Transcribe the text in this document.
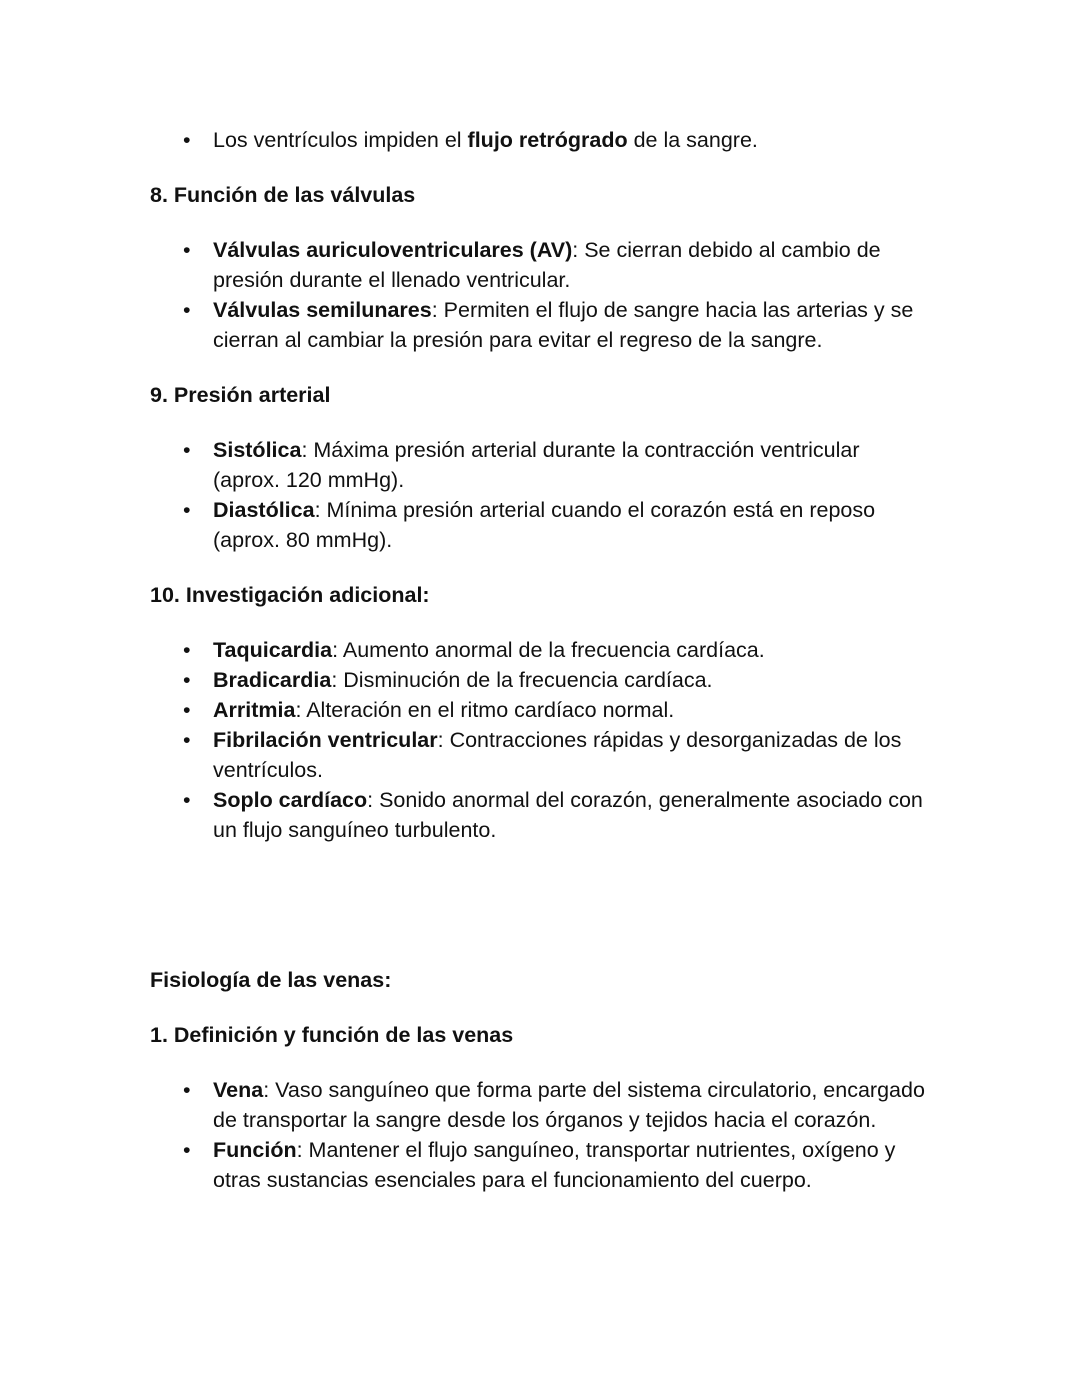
• Los ventrículos impiden el flujo retrógrado de la sangre.
8. Función de las válvulas
• Válvulas auriculoventriculares (AV): Se cierran debido al cambio de presión durante el llenado ventricular.
• Válvulas semilunares: Permiten el flujo de sangre hacia las arterias y se cierran al cambiar la presión para evitar el regreso de la sangre.
9. Presión arterial
• Sistólica: Máxima presión arterial durante la contracción ventricular (aprox. 120 mmHg).
• Diastólica: Mínima presión arterial cuando el corazón está en reposo (aprox. 80 mmHg).
10. Investigación adicional:
• Taquicardia: Aumento anormal de la frecuencia cardíaca.
• Bradicardia: Disminución de la frecuencia cardíaca.
• Arritmia: Alteración en el ritmo cardíaco normal.
• Fibrilación ventricular: Contracciones rápidas y desorganizadas de los ventrículos.
• Soplo cardíaco: Sonido anormal del corazón, generalmente asociado con un flujo sanguíneo turbulento.
Fisiología de las venas:
1. Definición y función de las venas
• Vena: Vaso sanguíneo que forma parte del sistema circulatorio, encargado de transportar la sangre desde los órganos y tejidos hacia el corazón.
• Función: Mantener el flujo sanguíneo, transportar nutrientes, oxígeno y otras sustancias esenciales para el funcionamiento del cuerpo.
